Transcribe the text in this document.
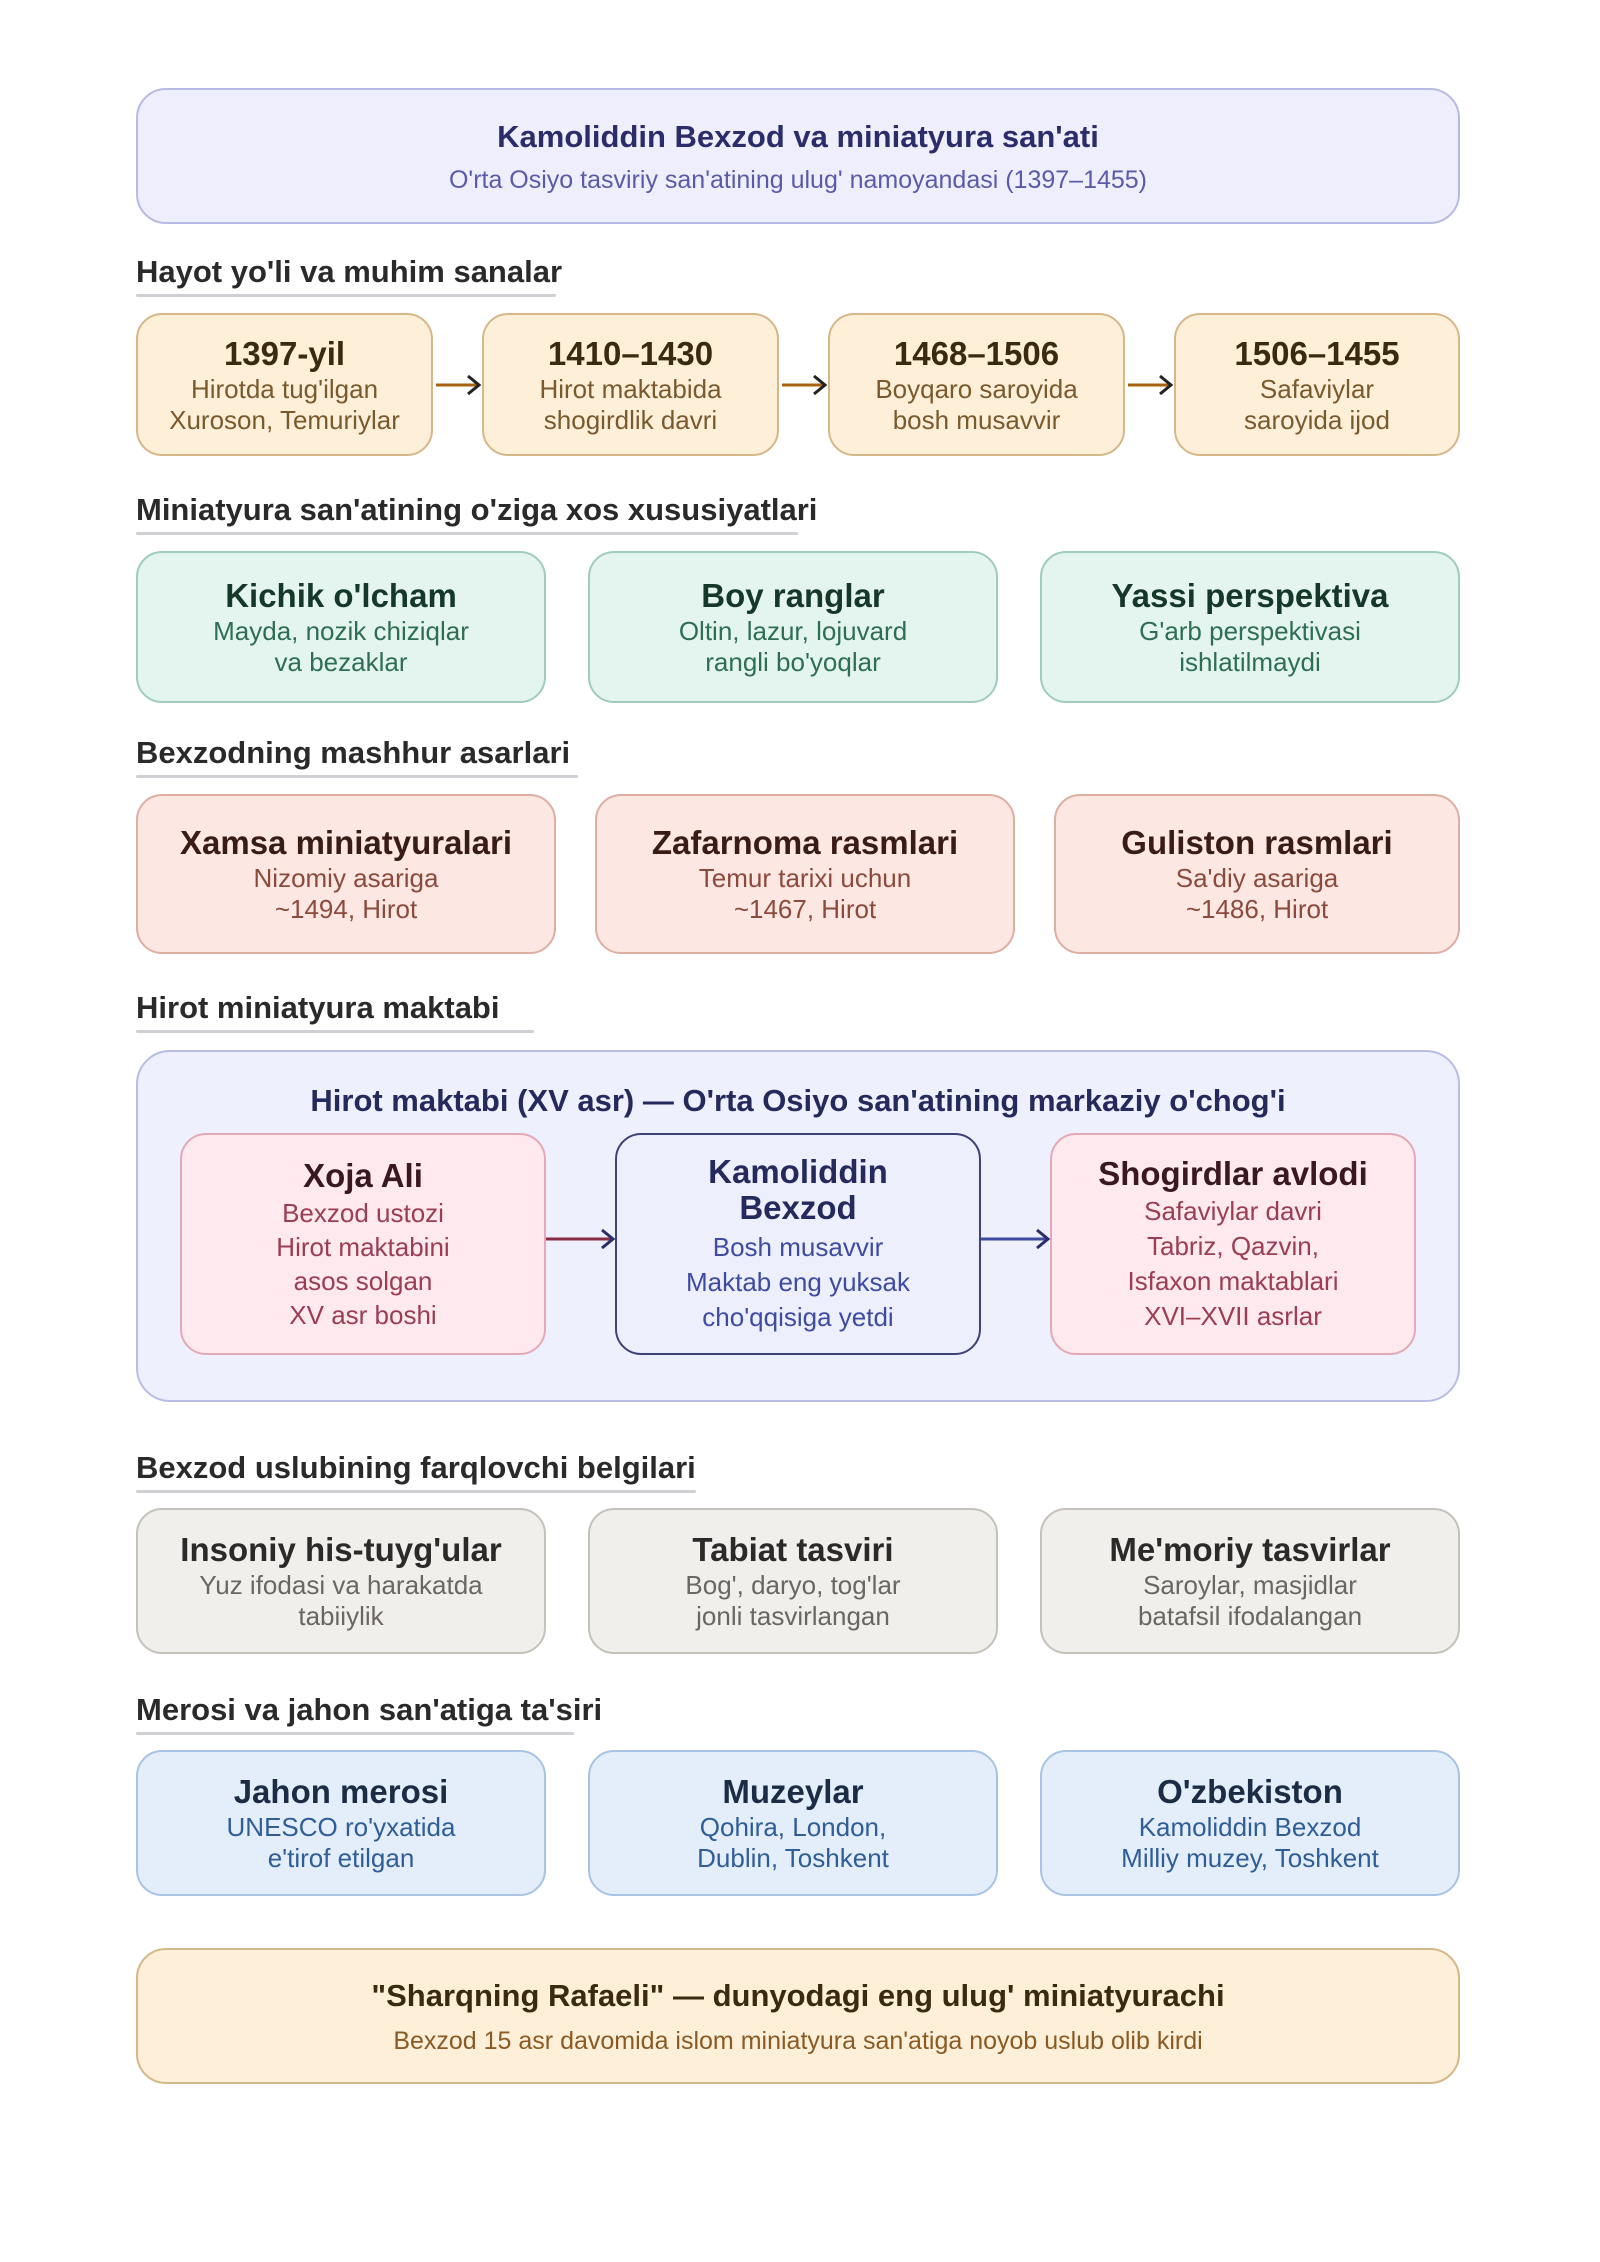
Kamoliddin Bexzod va miniatyura san'ati
O'rta Osiyo tasviriy san'atining ulug' namoyandasi (1397–1455)
Hayot yo'li va muhim sanalar
1397-yil
Hirotda tug'ilgan
Xuroson, Temuriylar
1410–1430
Hirot maktabida
shogirdlik davri
1468–1506
Boyqaro saroyida
bosh musavvir
1506–1455
Safaviylar
saroyida ijod
Miniatyura san'atining o'ziga xos xususiyatlari
Kichik o'lcham
Mayda, nozik chiziqlar
va bezaklar
Boy ranglar
Oltin, lazur, lojuvard
rangli bo'yoqlar
Yassi perspektiva
G'arb perspektivasi
ishlatilmaydi
Bexzodning mashhur asarlari
Xamsa miniatyuralari
Nizomiy asariga
~1494, Hirot
Zafarnoma rasmlari
Temur tarixi uchun
~1467, Hirot
Guliston rasmlari
Sa'diy asariga
~1486, Hirot
Hirot miniatyura maktabi
Hirot maktabi (XV asr) — O'rta Osiyo san'atining markaziy o'chog'i
Xoja Ali
Bexzod ustozi
Hirot maktabini
asos solgan
XV asr boshi
Kamoliddin
Bexzod
Bosh musavvir
Maktab eng yuksak
cho'qqisiga yetdi
Shogirdlar avlodi
Safaviylar davri
Tabriz, Qazvin,
Isfaxon maktablari
XVI–XVII asrlar
Bexzod uslubining farqlovchi belgilari
Insoniy his-tuyg'ular
Yuz ifodasi va harakatda
tabiiylik
Tabiat tasviri
Bog', daryo, tog'lar
jonli tasvirlangan
Me'moriy tasvirlar
Saroylar, masjidlar
batafsil ifodalangan
Merosi va jahon san'atiga ta'siri
Jahon merosi
UNESCO ro'yxatida
e'tirof etilgan
Muzeylar
Qohira, London,
Dublin, Toshkent
O'zbekiston
Kamoliddin Bexzod
Milliy muzey, Toshkent
"Sharqning Rafaeli" — dunyodagi eng ulug' miniatyurachi
Bexzod 15 asr davomida islom miniatyura san'atiga noyob uslub olib kirdi
